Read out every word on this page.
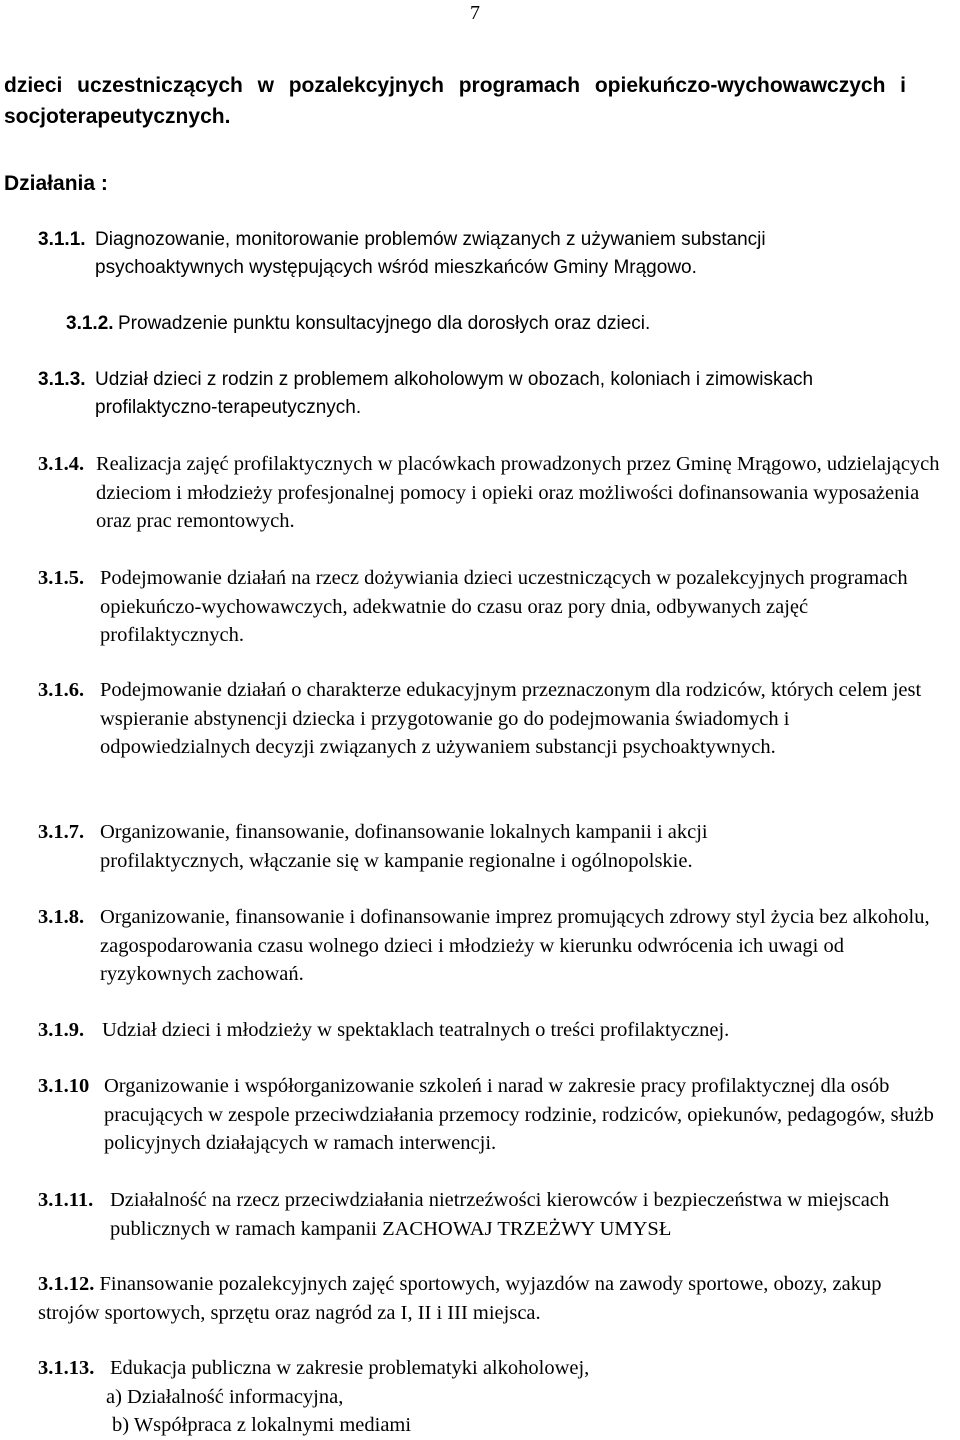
7
dzieci uczestniczących w pozalekcyjnych programach opiekuńczo-wychowawczych i socjoterapeutycznych.
Działania :
3.1.1. Diagnozowanie, monitorowanie problemów związanych z używaniem substancji psychoaktywnych występujących wśród mieszkańców Gminy Mrągowo.
3.1.2. Prowadzenie punktu konsultacyjnego dla dorosłych oraz dzieci.
3.1.3. Udział dzieci z rodzin z problemem alkoholowym w obozach, koloniach i zimowiskach profilaktyczno-terapeutycznych.
3.1.4. Realizacja zajęć profilaktycznych w placówkach prowadzonych przez Gminę Mrągowo, udzielających dzieciom i młodzieży profesjonalnej pomocy i opieki oraz możliwości dofinansowania wyposażenia oraz prac remontowych.
3.1.5. Podejmowanie działań na rzecz dożywiania dzieci uczestniczących w pozalekcyjnych programach opiekuńczo-wychowawczych, adekwatnie do czasu oraz pory dnia, odbywanych zajęć profilaktycznych.
3.1.6. Podejmowanie działań o charakterze edukacyjnym przeznaczonym dla rodziców, których celem jest wspieranie abstynencji dziecka i przygotowanie go do podejmowania świadomych i odpowiedzialnych decyzji związanych z używaniem substancji psychoaktywnych.
3.1.7. Organizowanie, finansowanie, dofinansowanie lokalnych kampanii i akcji profilaktycznych, włączanie się w kampanie regionalne i ogólnopolskie.
3.1.8. Organizowanie, finansowanie i dofinansowanie imprez promujących zdrowy styl życia bez alkoholu, zagospodarowania czasu wolnego dzieci i młodzieży w kierunku odwrócenia ich uwagi od ryzykownych zachowań.
3.1.9. Udział dzieci i młodzieży w spektaklach teatralnych o treści profilaktycznej.
3.1.10 Organizowanie i współorganizowanie szkoleń i narad w zakresie pracy profilaktycznej dla osób pracujących w zespole przeciwdziałania przemocy rodzinie, rodziców, opiekunów, pedagogów, służb policyjnych działających w ramach interwencji.
3.1.11. Działalność na rzecz przeciwdziałania nietrzeźwości kierowców i bezpieczeństwa w miejscach publicznych w ramach kampanii ZACHOWAJ TRZEŻWY UMYSŁ
3.1.12. Finansowanie pozalekcyjnych zajęć sportowych, wyjazdów na zawody sportowe, obozy, zakup strojów sportowych, sprzętu oraz nagród za I, II i III miejsca.
3.1.13. Edukacja publiczna w zakresie problematyki alkoholowej,
a) Działalność informacyjna,
b) Współpraca z lokalnymi mediami
